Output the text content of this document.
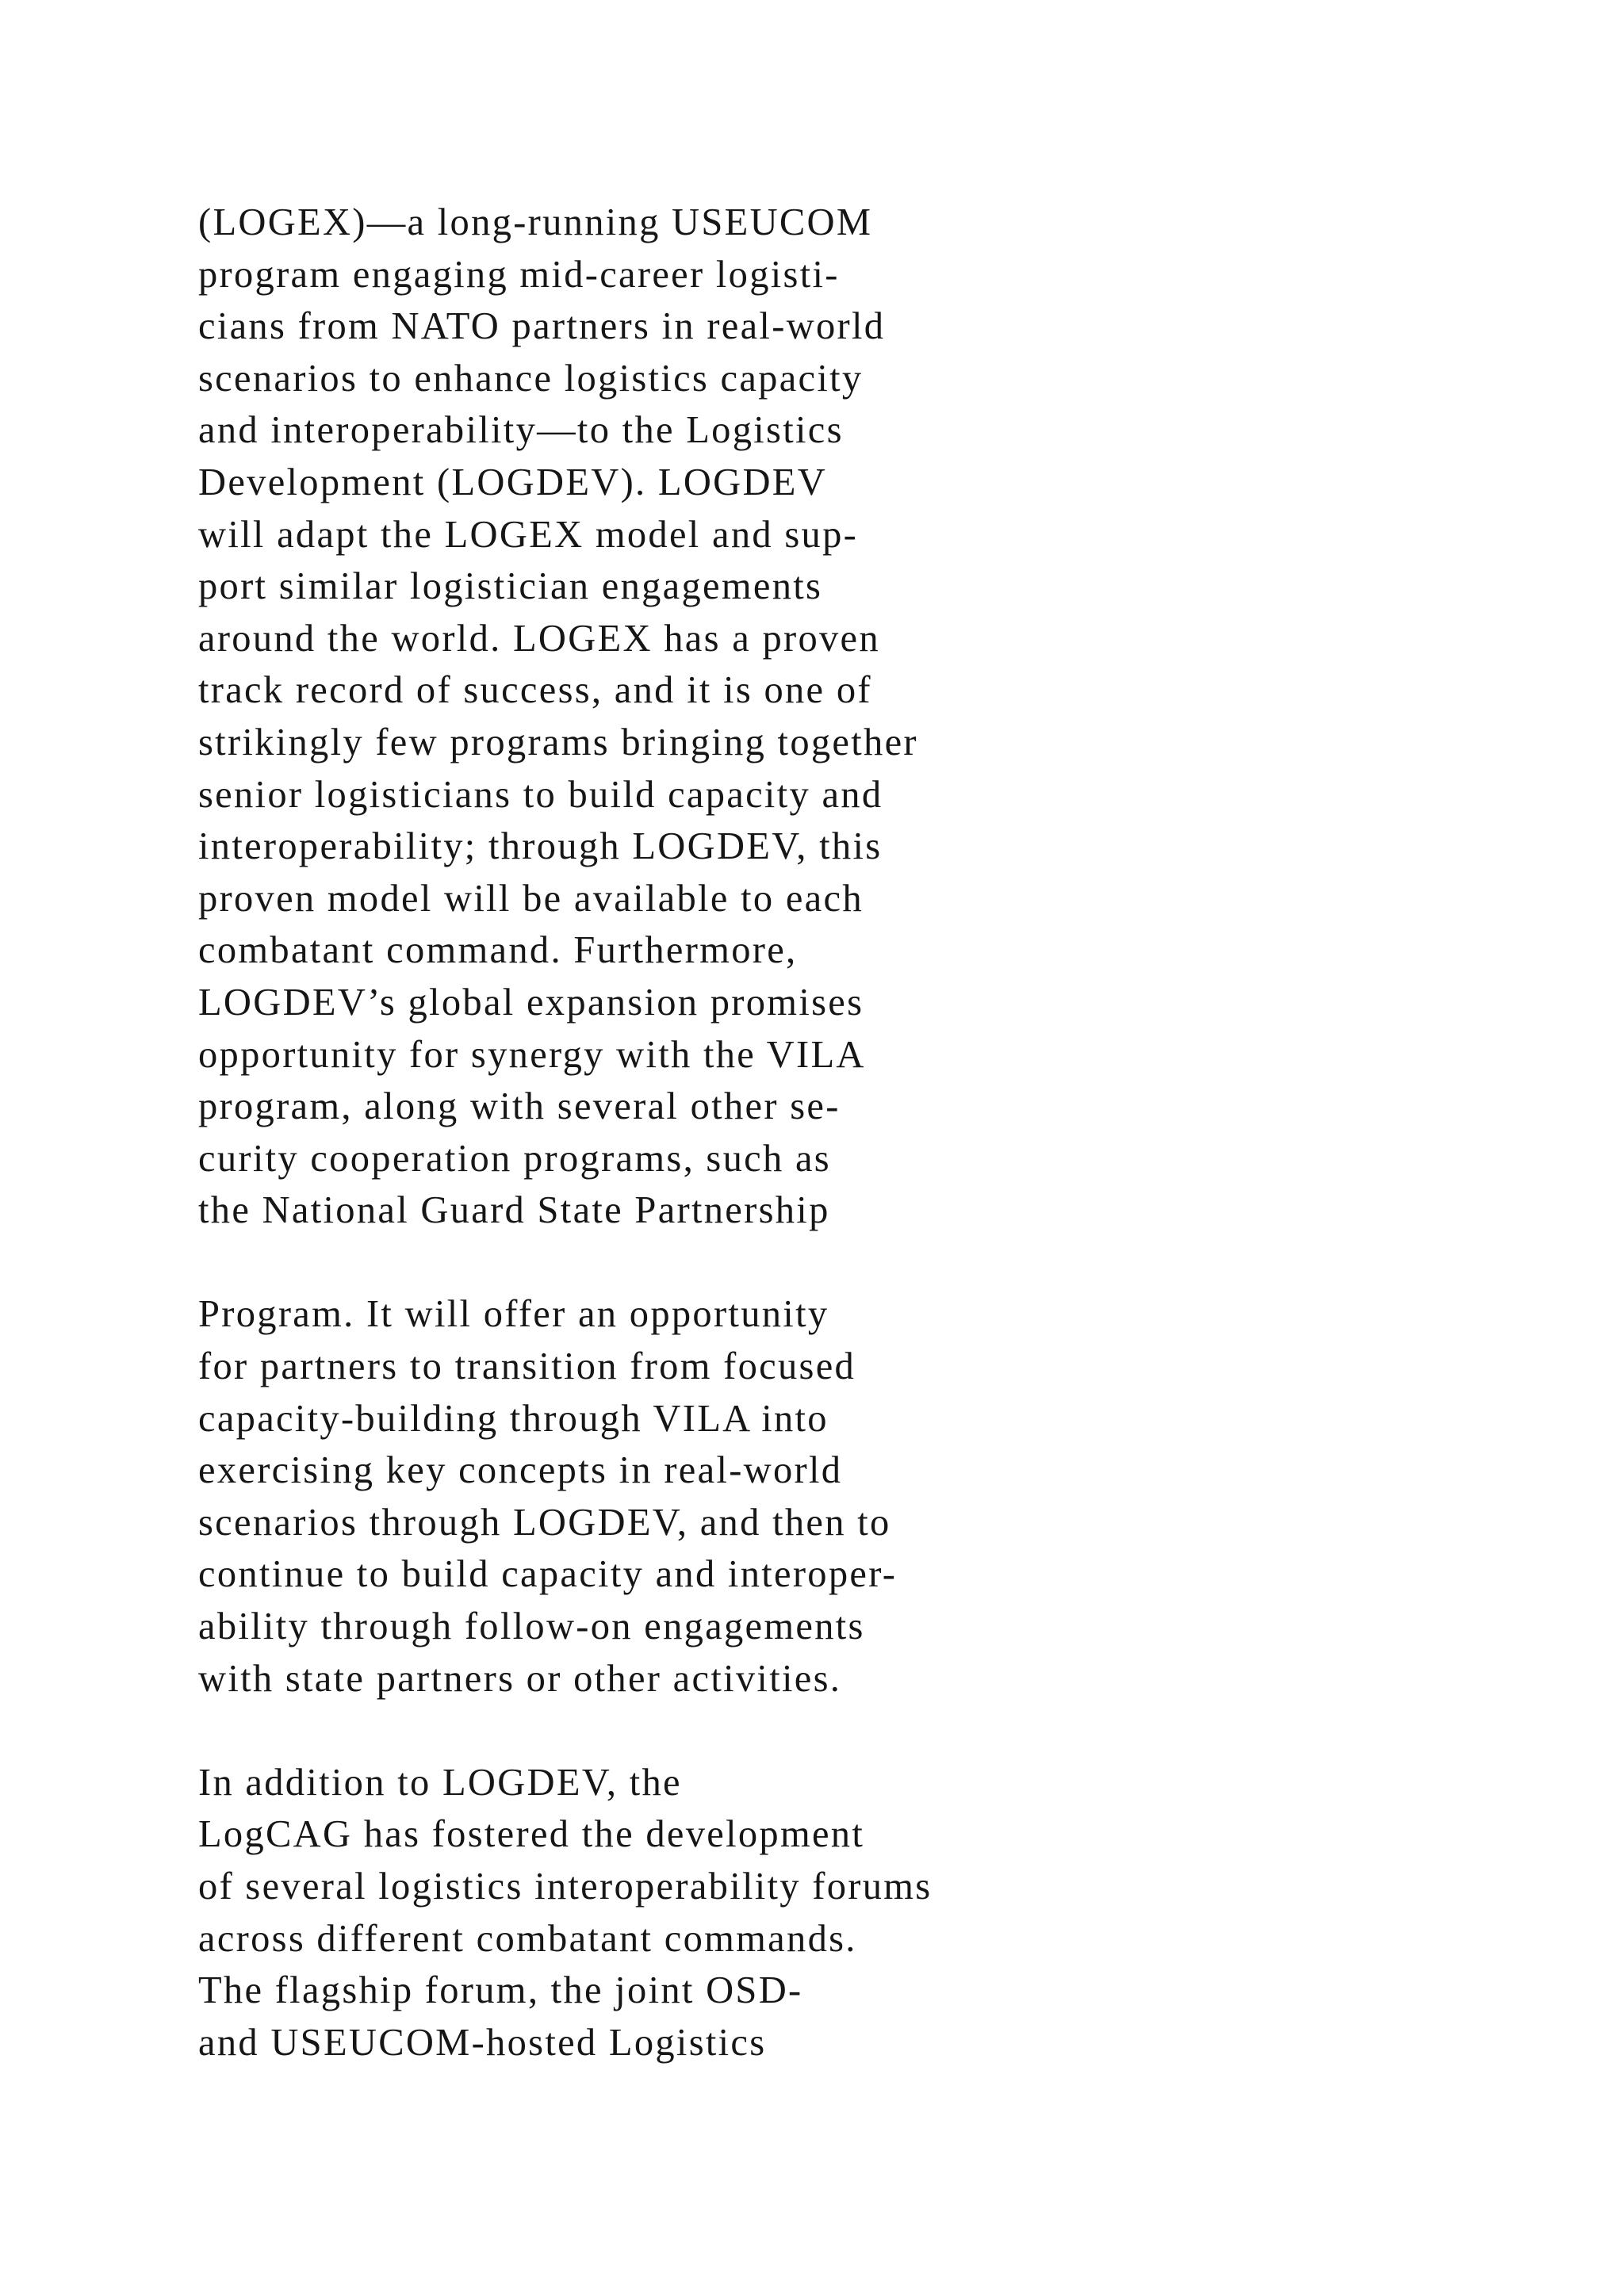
(LOGEX)—a long-running USEUCOM
program engaging mid-career logisti-
cians from NATO partners in real-world
scenarios to enhance logistics capacity
and interoperability—to the Logistics
Development (LOGDEV). LOGDEV
will adapt the LOGEX model and sup-
port similar logistician engagements
around the world. LOGEX has a proven
track record of success, and it is one of
strikingly few programs bringing together
senior logisticians to build capacity and
interoperability; through LOGDEV, this
proven model will be available to each
combatant command. Furthermore,
LOGDEV’s global expansion promises
opportunity for synergy with the VILA
program, along with several other se-
curity cooperation programs, such as
the National Guard State Partnership

Program. It will offer an opportunity
for partners to transition from focused
capacity-building through VILA into
exercising key concepts in real-world
scenarios through LOGDEV, and then to
continue to build capacity and interoper-
ability through follow-on engagements
with state partners or other activities.

In addition to LOGDEV, the
LogCAG has fostered the development
of several logistics interoperability forums
across different combatant commands.
The flagship forum, the joint OSD-
and USEUCOM-hosted Logistics
